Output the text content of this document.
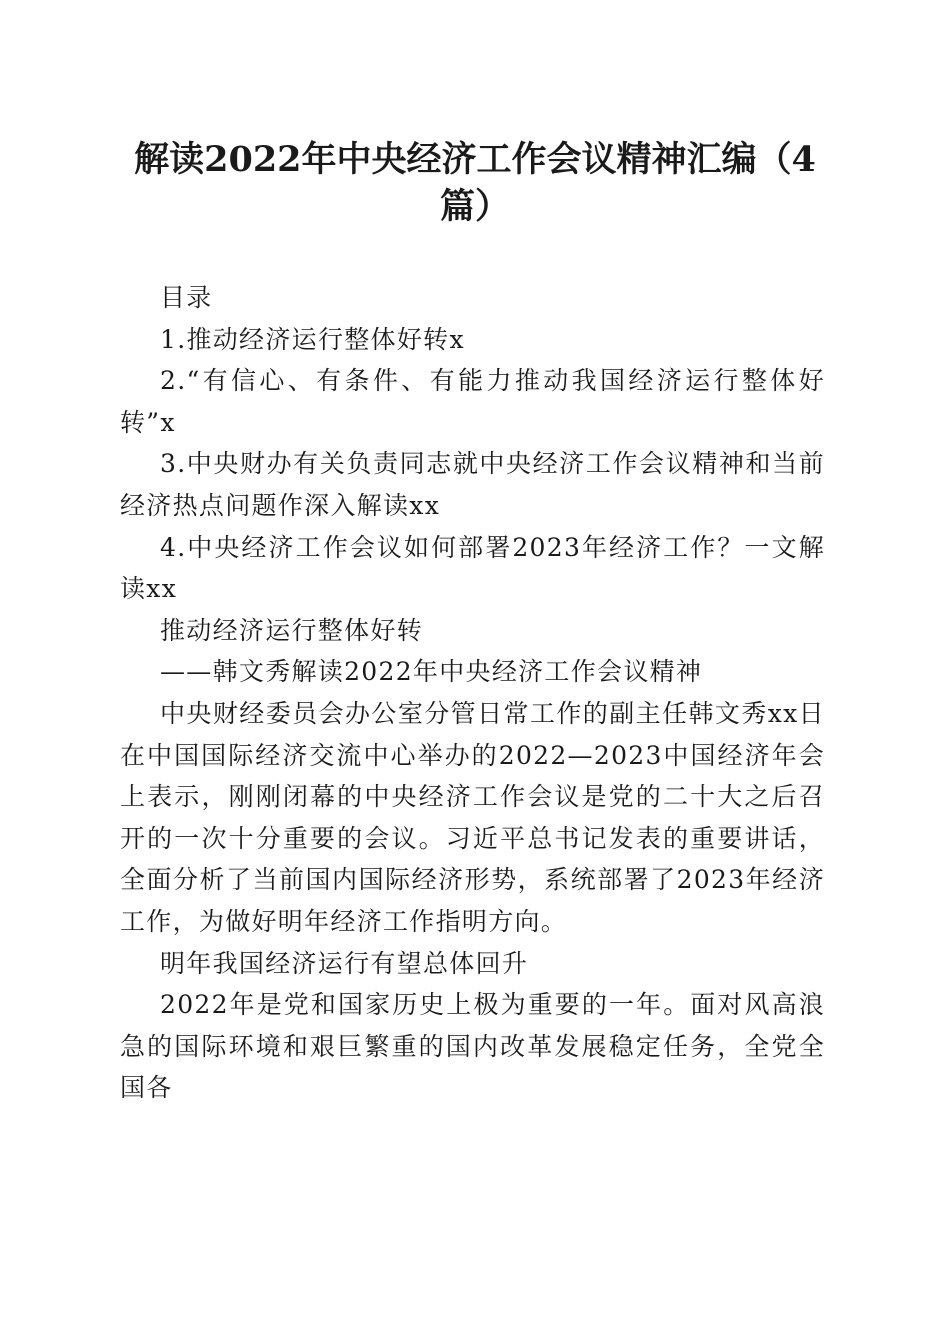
解读2022年中央经济工作会议精神汇编（4篇）

目录

1.推动经济运行整体好转x

2.“有信心、有条件、有能力推动我国经济运行整体好转”x

3.中央财办有关负责同志就中央经济工作会议精神和当前经济热点问题作深入解读xx

4.中央经济工作会议如何部署2023年经济工作？一文解读xx

推动经济运行整体好转

——韩文秀解读2022年中央经济工作会议精神

中央财经委员会办公室分管日常工作的副主任韩文秀xx日在中国国际经济交流中心举办的2022—2023中国经济年会上表示，刚刚闭幕的中央经济工作会议是党的二十大之后召开的一次十分重要的会议。习近平总书记发表的重要讲话，全面分析了当前国内国际经济形势，系统部署了2023年经济工作，为做好明年经济工作指明方向。

明年我国经济运行有望总体回升

2022年是党和国家历史上极为重要的一年。面对风高浪急的国际环境和艰巨繁重的国内改革发展稳定任务，全党全国各
